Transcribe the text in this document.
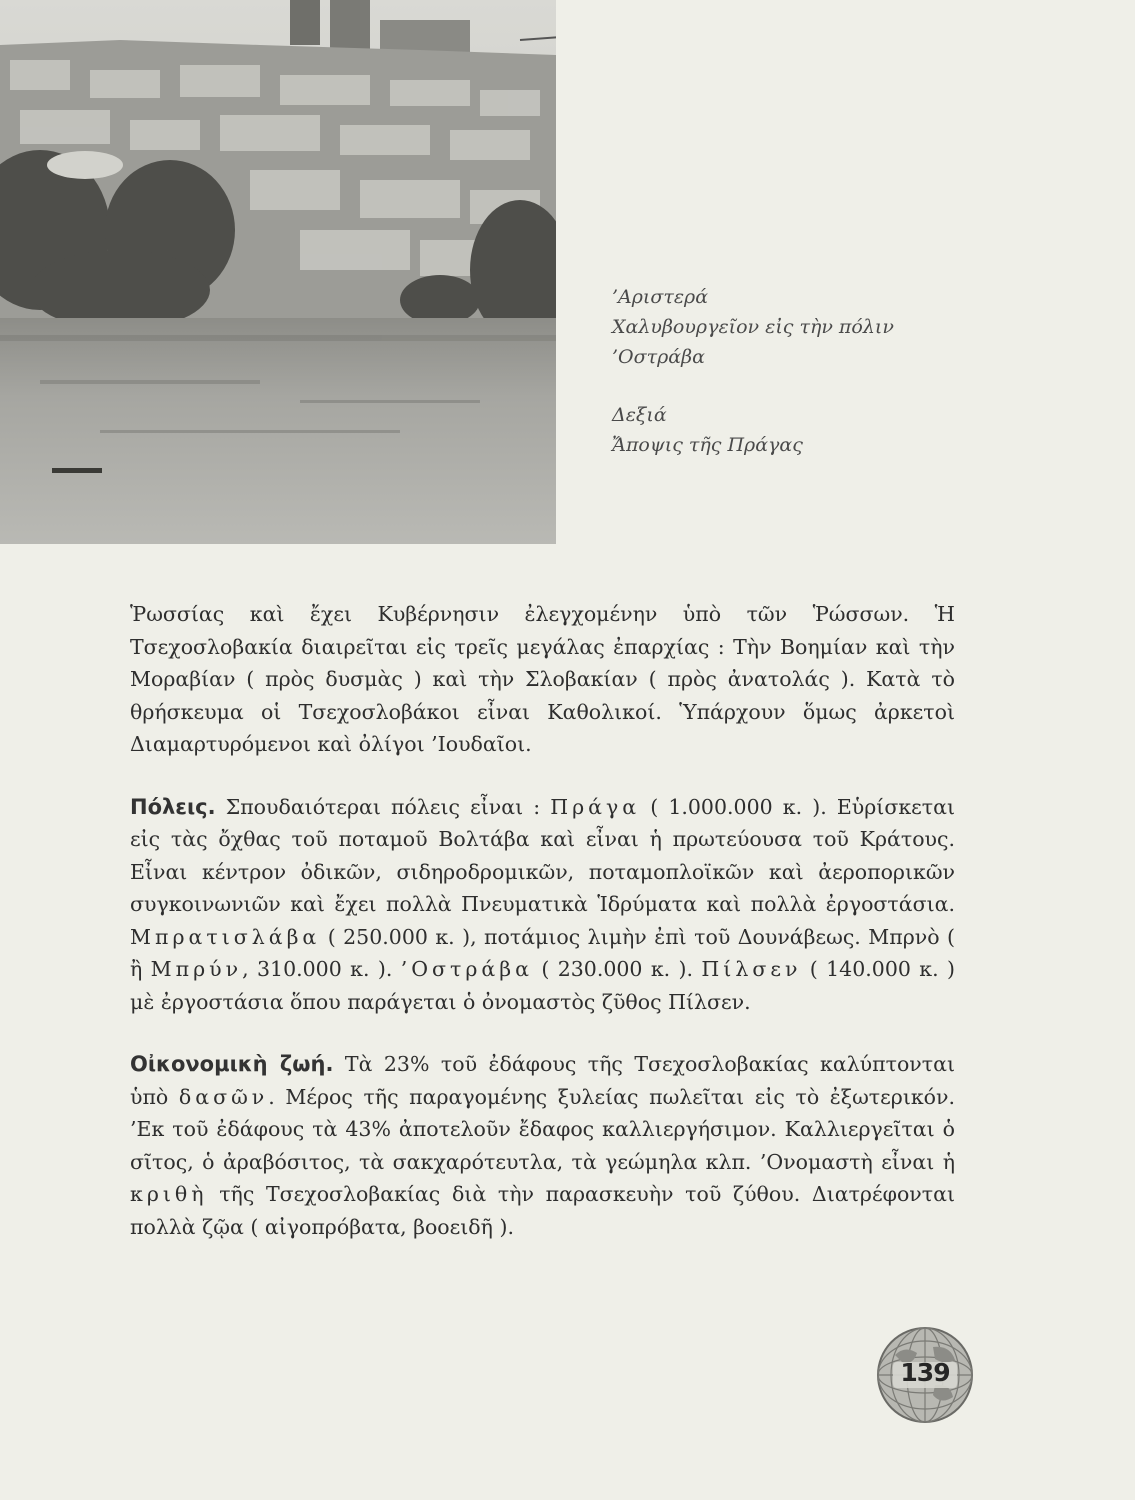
’Αριστερά

Χαλυβουργεῖον εἰς τὴν πόλιν ’Οστράβα

Δεξιά

Ἄποψις τῆς Πράγας

Ῥωσσίας καὶ ἔχει Κυβέρνησιν ἐλεγχομένην ὑπὸ τῶν Ῥώσσων. Ἡ Τσεχοσλοβακία διαιρεῖται εἰς τρεῖς μεγάλας ἐπαρχίας : Τὴν Βοημίαν καὶ τὴν Μοραβίαν ( πρὸς δυσμὰς ) καὶ τὴν Σλοβακίαν ( πρὸς ἀνατολάς ). Κατὰ τὸ θρήσκευμα οἱ Τσεχοσλοβάκοι εἶναι Καθολικοί. Ὑπάρχουν ὅμως ἀρκετοὶ Διαμαρτυρόμενοι καὶ ὀλίγοι ’Ιουδαῖοι.

Πόλεις. Σπουδαιότεραι πόλεις εἶναι : Πράγα ( 1.000.000 κ. ). Εὑρίσκεται εἰς τὰς ὄχθας τοῦ ποταμοῦ Βολτάβα καὶ εἶναι ἡ πρωτεύουσα τοῦ Κράτους. Εἶναι κέντρον ὀδικῶν, σιδηροδρομικῶν, ποταμοπλοϊκῶν καὶ ἀεροπορικῶν συγκοινωνιῶν καὶ ἔχει πολλὰ Πνευματικὰ Ἱδρύματα καὶ πολλὰ ἐργοστάσια. Μπρατισλάβα ( 250.000 κ. ), ποτάμιος λιμὴν ἐπὶ τοῦ Δουνάβεως. Μπρνὸ ( ἢ Μπρύν, 310.000 κ. ). ’Οστράβα ( 230.000 κ. ). Πίλσεν ( 140.000 κ. ) μὲ ἐργοστάσια ὅπου παράγεται ὁ ὀνομαστὸς ζῦθος Πίλσεν.

Οἰκονομικὴ ζωή. Τὰ 23% τοῦ ἐδάφους τῆς Τσεχοσλοβακίας καλύπτονται ὑπὸ δασῶν. Μέρος τῆς παραγομένης ξυλείας πωλεῖται εἰς τὸ ἐξωτερικόν. ’Εκ τοῦ ἐδάφους τὰ 43% ἀποτελοῦν ἔδαφος καλλιεργήσιμον. Καλλιεργεῖται ὁ σῖτος, ὁ ἀραβόσιτος, τὰ σακχαρότευτλα, τὰ γεώμηλα κλπ. ’Ονομαστὴ εἶναι ἡ κριθὴ τῆς Τσεχοσλοβακίας διὰ τὴν παρασκευὴν τοῦ ζύθου. Διατρέφονται πολλὰ ζῷα ( αἰγοπρόβατα, βοοειδῆ ).

139
